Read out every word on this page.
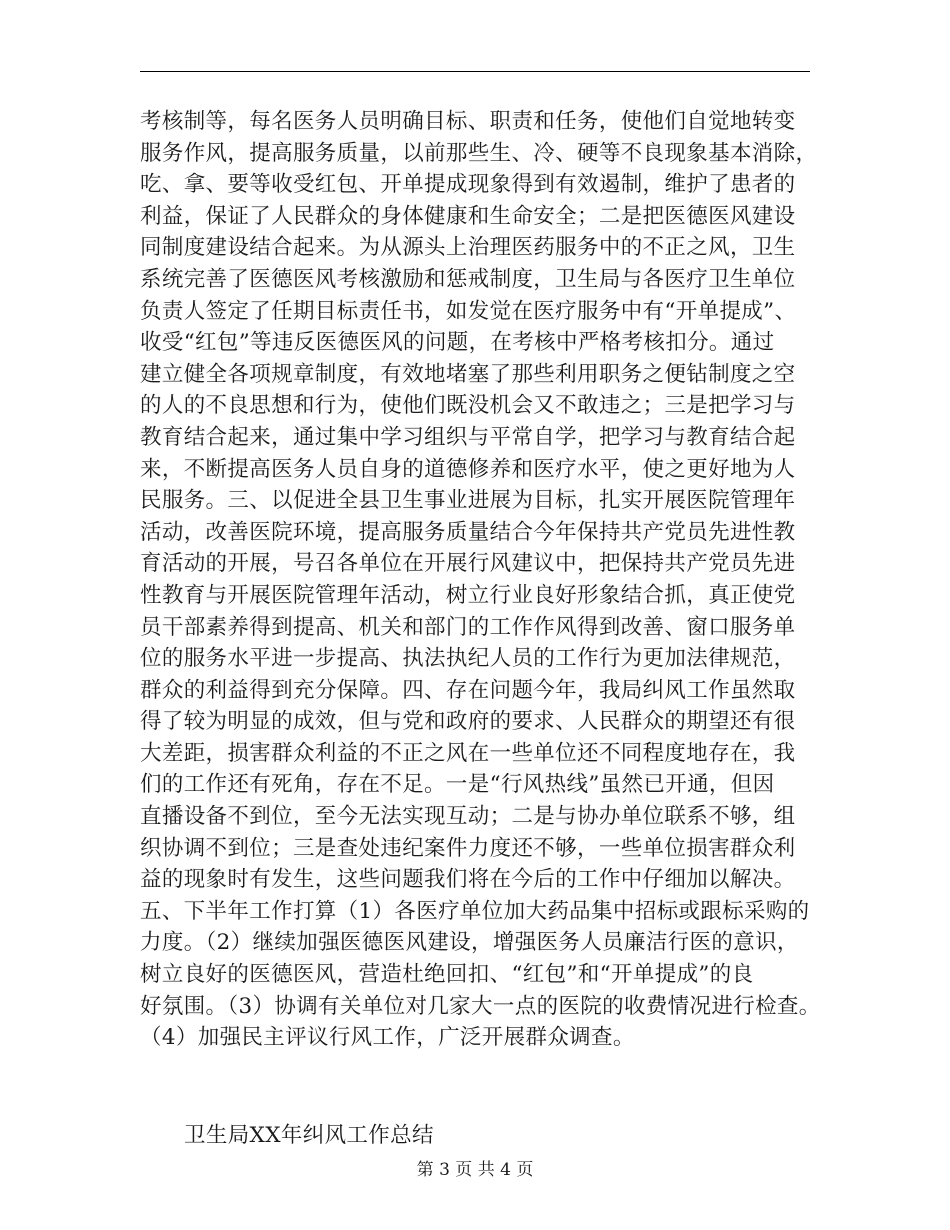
考核制等，每名医务人员明确目标、职责和任务，使他们自觉地转变
服务作风，提高服务质量，以前那些生、冷、硬等不良现象基本消除，
吃、拿、要等收受红包、开单提成现象得到有效遏制，维护了患者的
利益，保证了人民群众的身体健康和生命安全；二是把医德医风建设
同制度建设结合起来。为从源头上治理医药服务中的不正之风，卫生
系统完善了医德医风考核激励和惩戒制度，卫生局与各医疗卫生单位
负责人签定了任期目标责任书，如发觉在医疗服务中有“开单提成”、
收受“红包”等违反医德医风的问题，在考核中严格考核扣分。通过
建立健全各项规章制度，有效地堵塞了那些利用职务之便钻制度之空
的人的不良思想和行为，使他们既没机会又不敢违之；三是把学习与
教育结合起来，通过集中学习组织与平常自学，把学习与教育结合起
来，不断提高医务人员自身的道德修养和医疗水平，使之更好地为人
民服务。三、以促进全县卫生事业进展为目标，扎实开展医院管理年
活动，改善医院环境，提高服务质量结合今年保持共产党员先进性教
育活动的开展，号召各单位在开展行风建议中，把保持共产党员先进
性教育与开展医院管理年活动，树立行业良好形象结合抓，真正使党
员干部素养得到提高、机关和部门的工作作风得到改善、窗口服务单
位的服务水平进一步提高、执法执纪人员的工作行为更加法律规范，
群众的利益得到充分保障。四、存在问题今年，我局纠风工作虽然取
得了较为明显的成效，但与党和政府的要求、人民群众的期望还有很
大差距，损害群众利益的不正之风在一些单位还不同程度地存在，我
们的工作还有死角，存在不足。一是“行风热线”虽然已开通，但因
直播设备不到位，至今无法实现互动；二是与协办单位联系不够，组
织协调不到位；三是查处违纪案件力度还不够，一些单位损害群众利
益的现象时有发生，这些问题我们将在今后的工作中仔细加以解决。
五、下半年工作打算（1）各医疗单位加大药品集中招标或跟标采购的
力度。（2）继续加强医德医风建设，增强医务人员廉洁行医的意识，
树立良好的医德医风，营造杜绝回扣、“红包”和“开单提成”的良
好氛围。（3）协调有关单位对几家大一点的医院的收费情况进行检查。
（4）加强民主评议行风工作，广泛开展群众调查。
卫生局XX年纠风工作总结
第 3 页 共 4 页
